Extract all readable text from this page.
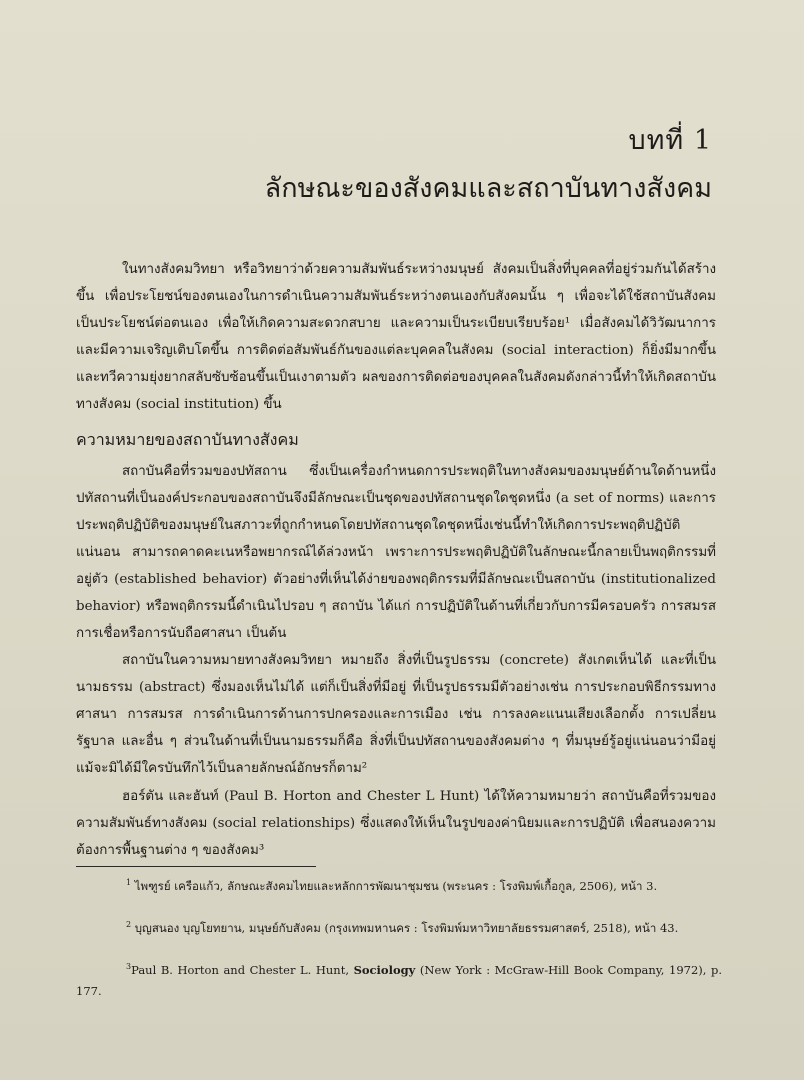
บทที่ 1
ลักษณะของสังคมและสถาบันทางสังคม

ในทางสังคมวิทยา หรือวิทยาว่าด้วยความสัมพันธ์ระหว่างมนุษย์ สังคมเป็นสิ่งที่บุคคลที่อยู่ร่วมกันได้สร้างขึ้น เพื่อประโยชน์ของตนเองในการดำเนินความสัมพันธ์ระหว่างตนเองกับสังคมนั้น ๆ เพื่อจะได้ใช้สถาบันสังคมเป็นประโยชน์ต่อตนเอง เพื่อให้เกิดความสะดวกสบาย และความเป็นระเบียบเรียบร้อย¹ เมื่อสังคมได้วิวัฒนาการและมีความเจริญเติบโตขึ้น การติดต่อสัมพันธ์กันของแต่ละบุคคลในสังคม (social interaction) ก็ยิ่งมีมากขึ้น และทวีความยุ่งยากสลับซับซ้อนขึ้นเป็นเงาตามตัว ผลของการติดต่อของบุคคลในสังคมดังกล่าวนี้ทำให้เกิดสถาบันทางสังคม (social institution) ขึ้น

ความหมายของสถาบันทางสังคม

สถาบันคือที่รวมของปทัสถาน ซึ่งเป็นเครื่องกำหนดการประพฤติในทางสังคมของมนุษย์ด้านใดด้านหนึ่ง ปทัสถานที่เป็นองค์ประกอบของสถาบันจึงมีลักษณะเป็นชุดของปทัสถานชุดใดชุดหนึ่ง (a set of norms) และการประพฤติปฏิบัติของมนุษย์ในสภาวะที่ถูกกำหนดโดยปทัสถานชุดใดชุดหนึ่งเช่นนี้ทำให้เกิดการประพฤติปฏิบัติแน่นอน สามารถคาดคะเนหรือพยากรณ์ได้ล่วงหน้า เพราะการประพฤติปฏิบัติในลักษณะนี้กลายเป็นพฤติกรรมที่อยู่ตัว (established behavior) ตัวอย่างที่เห็นได้ง่ายของพฤติกรรมที่มีลักษณะเป็นสถาบัน (institutionalized behavior) หรือพฤติกรรมนี้ดำเนินไปรอบ ๆ สถาบัน ได้แก่ การปฏิบัติในด้านที่เกี่ยวกับการมีครอบครัว การสมรส การเชื่อหรือการนับถือศาสนา เป็นต้น

สถาบันในความหมายทางสังคมวิทยา หมายถึง สิ่งที่เป็นรูปธรรม (concrete) สังเกตเห็นได้ และที่เป็นนามธรรม (abstract) ซึ่งมองเห็นไม่ได้ แต่ก็เป็นสิ่งที่มีอยู่ ที่เป็นรูปธรรมมีตัวอย่างเช่น การประกอบพิธีกรรมทางศาสนา การสมรส การดำเนินการด้านการปกครองและการเมือง เช่น การลงคะแนนเสียงเลือกตั้ง การเปลี่ยนรัฐบาล และอื่น ๆ ส่วนในด้านที่เป็นนามธรรมก็คือ สิ่งที่เป็นปทัสถานของสังคมต่าง ๆ ที่มนุษย์รู้อยู่แน่นอนว่ามีอยู่ แม้จะมิได้มีใครบันทึกไว้เป็นลายลักษณ์อักษรก็ตาม²

ฮอร์ตัน และฮันท์ (Paul B. Horton and Chester L Hunt) ได้ให้ความหมายว่า สถาบันคือที่รวมของความสัมพันธ์ทางสังคม (social relationships) ซึ่งแสดงให้เห็นในรูปของค่านิยมและการปฏิบัติ เพื่อสนองความต้องการพื้นฐานต่าง ๆ ของสังคม³

$^1$ ไพฑูรย์ เครือแก้ว, ลักษณะสังคมไทยและหลักการพัฒนาชุมชน (พระนคร : โรงพิมพ์เกื้อกูล, 2506), หน้า 3.

$^2$ บุญสนอง บุญโยทยาน, มนุษย์กับสังคม (กรุงเทพมหานคร : โรงพิมพ์มหาวิทยาลัยธรรมศาสตร์, 2518), หน้า 43.

$^3$Paul B. Horton and Chester L. Hunt, Sociology (New York : McGraw-Hill Book Company, 1972), p. 177.
